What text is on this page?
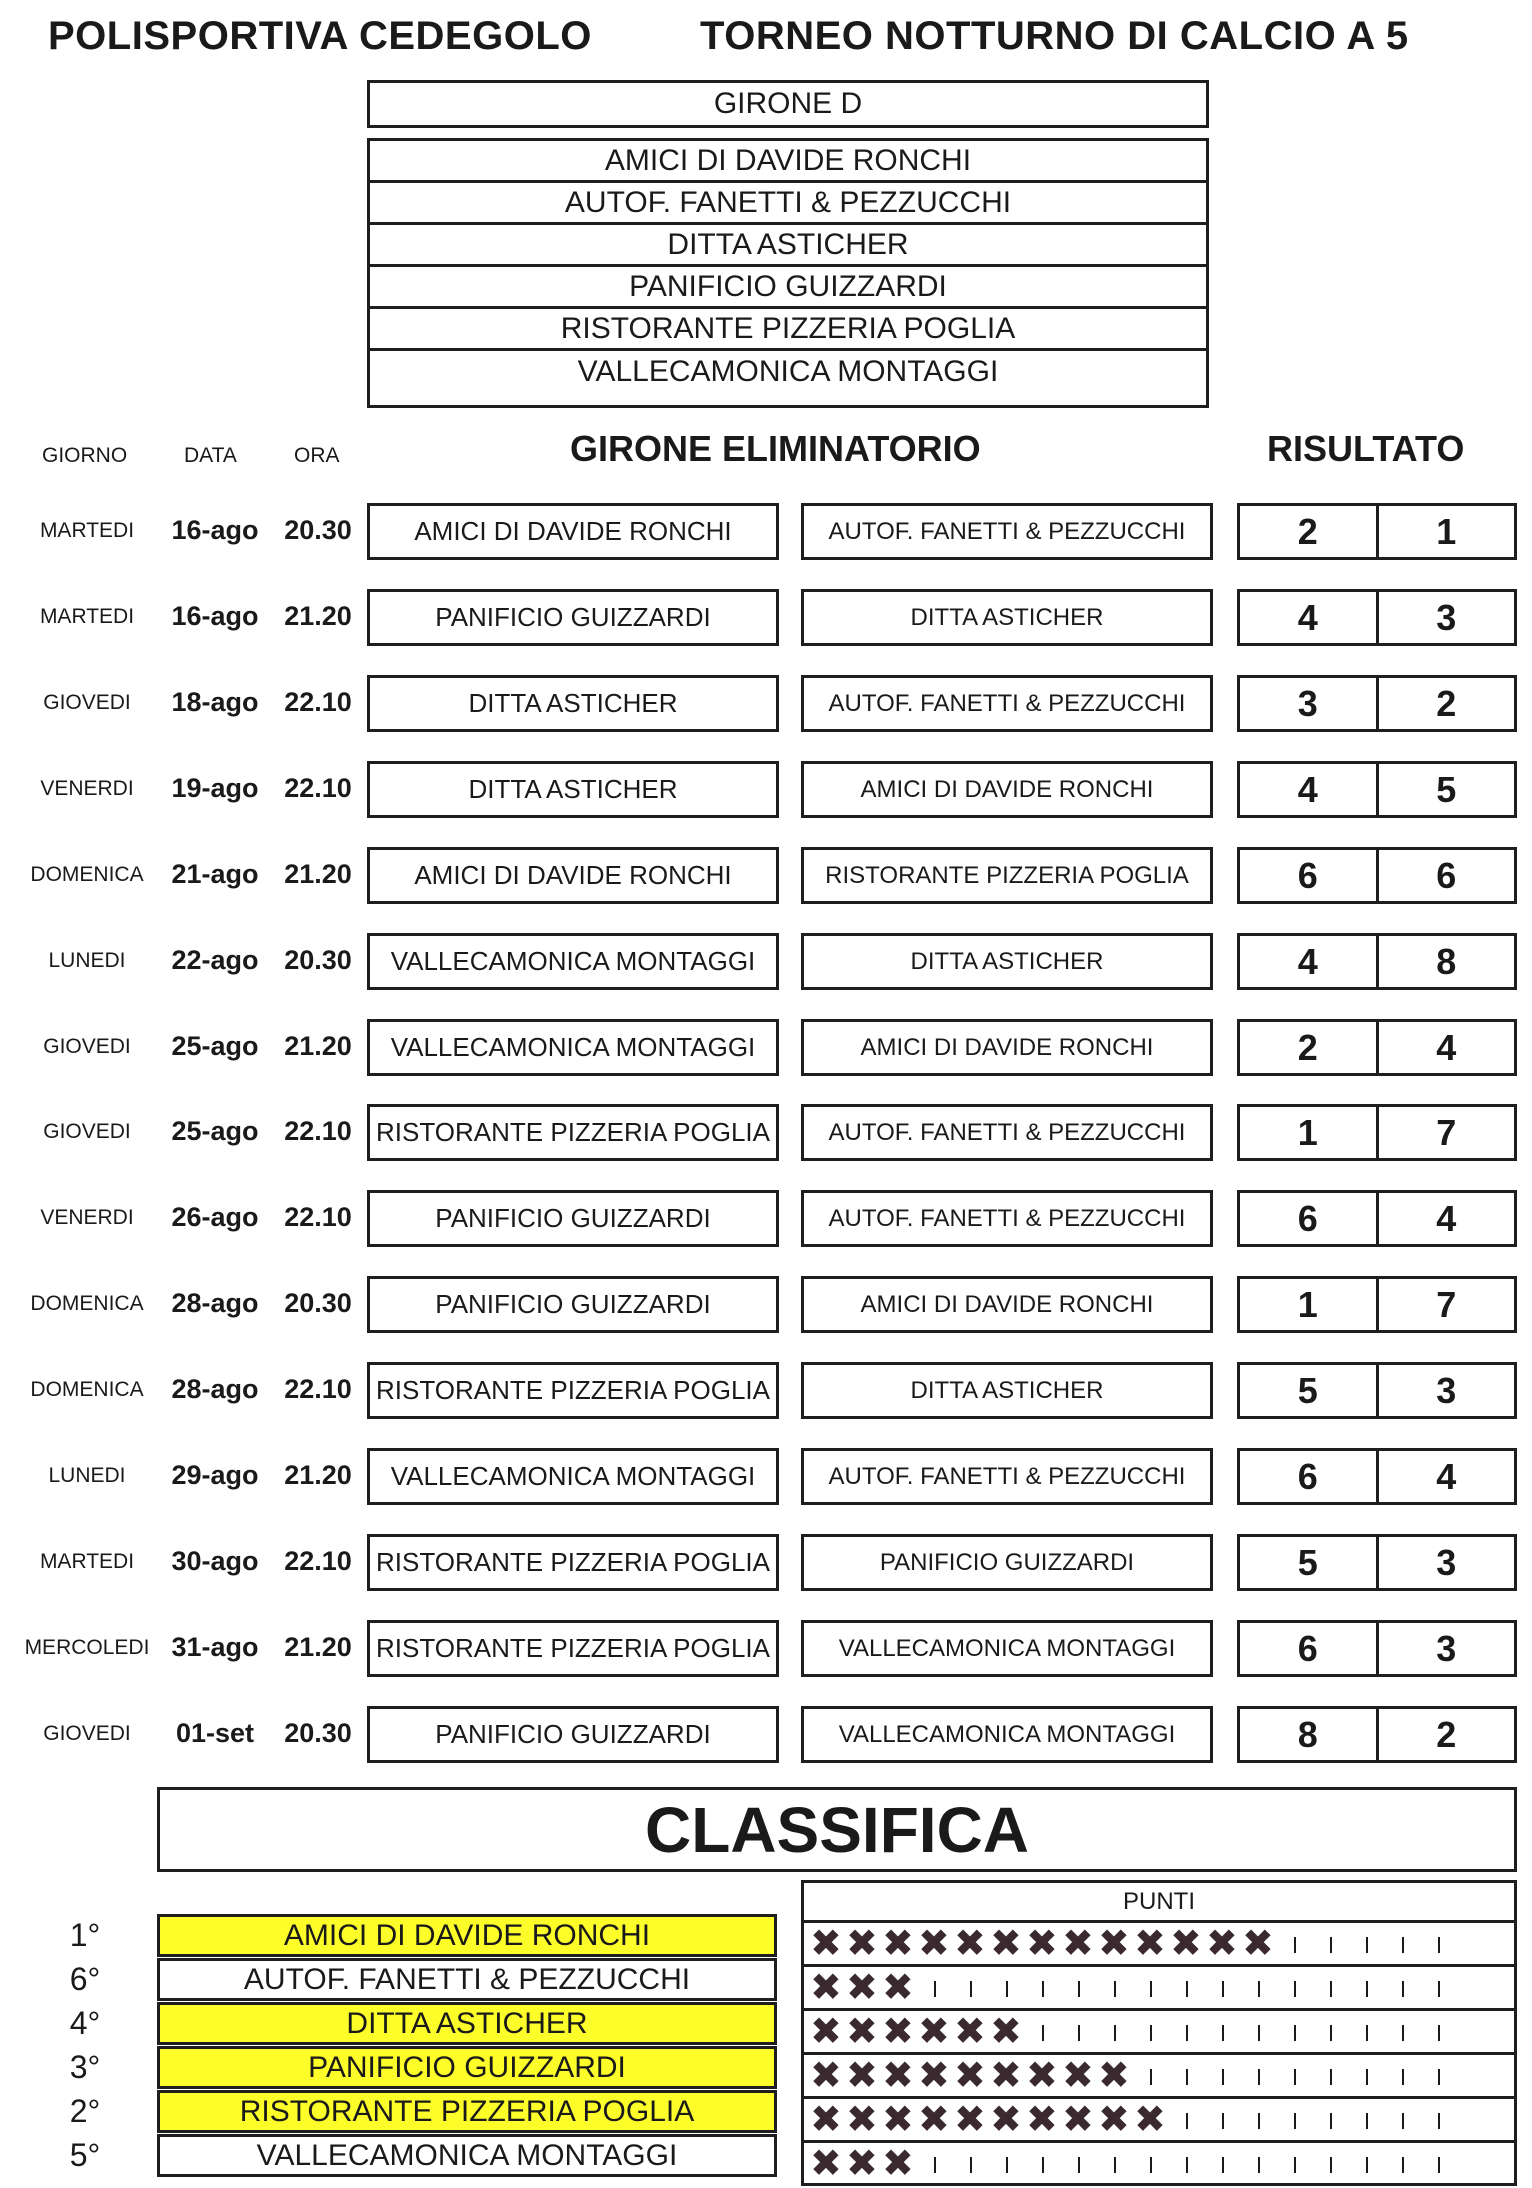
POLISPORTIVA CEDEGOLO	TORNEO NOTTURNO DI CALCIO A 5
GIRONE D
AMICI DI DAVIDE RONCHI
AUTOF. FANETTI & PEZZUCCHI
DITTA ASTICHER
PANIFICIO GUIZZARDI
RISTORANTE PIZZERIA POGLIA
VALLECAMONICA MONTAGGI
GIORNO	DATA	ORA	GIRONE ELIMINATORIO	RISULTATO
MARTEDI	16-ago 20.30	AMICI DI DAVIDE RONCHI	AUTOF. FANETTI & PEZZUCCHI	2	1
MARTEDI	16-ago 21.20	PANIFICIO GUIZZARDI	DITTA ASTICHER	4	3
GIOVEDI	18-ago 22.10	DITTA ASTICHER	AUTOF. FANETTI & PEZZUCCHI	3	2
VENERDI	19-ago 22.10	DITTA ASTICHER	AMICI DI DAVIDE RONCHI	4	5
DOMENICA	21-ago 21.20	AMICI DI DAVIDE RONCHI	RISTORANTE PIZZERIA POGLIA	6	6
LUNEDI	22-ago 20.30	VALLECAMONICA MONTAGGI	DITTA ASTICHER	4	8
GIOVEDI	25-ago 21.20	VALLECAMONICA MONTAGGI	AMICI DI DAVIDE RONCHI	2	4
GIOVEDI	25-ago 22.10 RISTORANTE PIZZERIA POGLIA	AUTOF. FANETTI & PEZZUCCHI	1	7
VENERDI	26-ago 22.10	PANIFICIO GUIZZARDI	AUTOF. FANETTI & PEZZUCCHI	6	4
DOMENICA	28-ago 20.30	PANIFICIO GUIZZARDI	AMICI DI DAVIDE RONCHI	1	7
DOMENICA	28-ago 22.10 RISTORANTE PIZZERIA POGLIA	DITTA ASTICHER	5	3
LUNEDI	29-ago 21.20	VALLECAMONICA MONTAGGI	AUTOF. FANETTI & PEZZUCCHI	6	4
MARTEDI	30-ago 22.10 RISTORANTE PIZZERIA POGLIA	PANIFICIO GUIZZARDI	5	3
MERCOLEDI 31-ago 21.20 RISTORANTE PIZZERIA POGLIA	VALLECAMONICA MONTAGGI	6	3
GIOVEDI	01-set	20.30	PANIFICIO GUIZZARDI	VALLECAMONICA MONTAGGI	8	2
CLASSIFICA
1°	AMICI DI DAVIDE RONCHI
6°	AUTOF. FANETTI & PEZZUCCHI
4°	DITTA ASTICHER
3°	PANIFICIO GUIZZARDI
2°	RISTORANTE PIZZERIA POGLIA
5°	VALLECAMONICA MONTAGGI
PUNTI
✖ ✖ ✖ ✖ ✖ ✖ ✖ ✖ ✖ ✖ ✖ ✖ ✖
✖ ✖ ✖
✖ ✖ ✖ ✖ ✖ ✖
✖ ✖ ✖ ✖ ✖ ✖ ✖ ✖ ✖
✖ ✖ ✖ ✖ ✖ ✖ ✖ ✖ ✖ ✖
✖ ✖ ✖
